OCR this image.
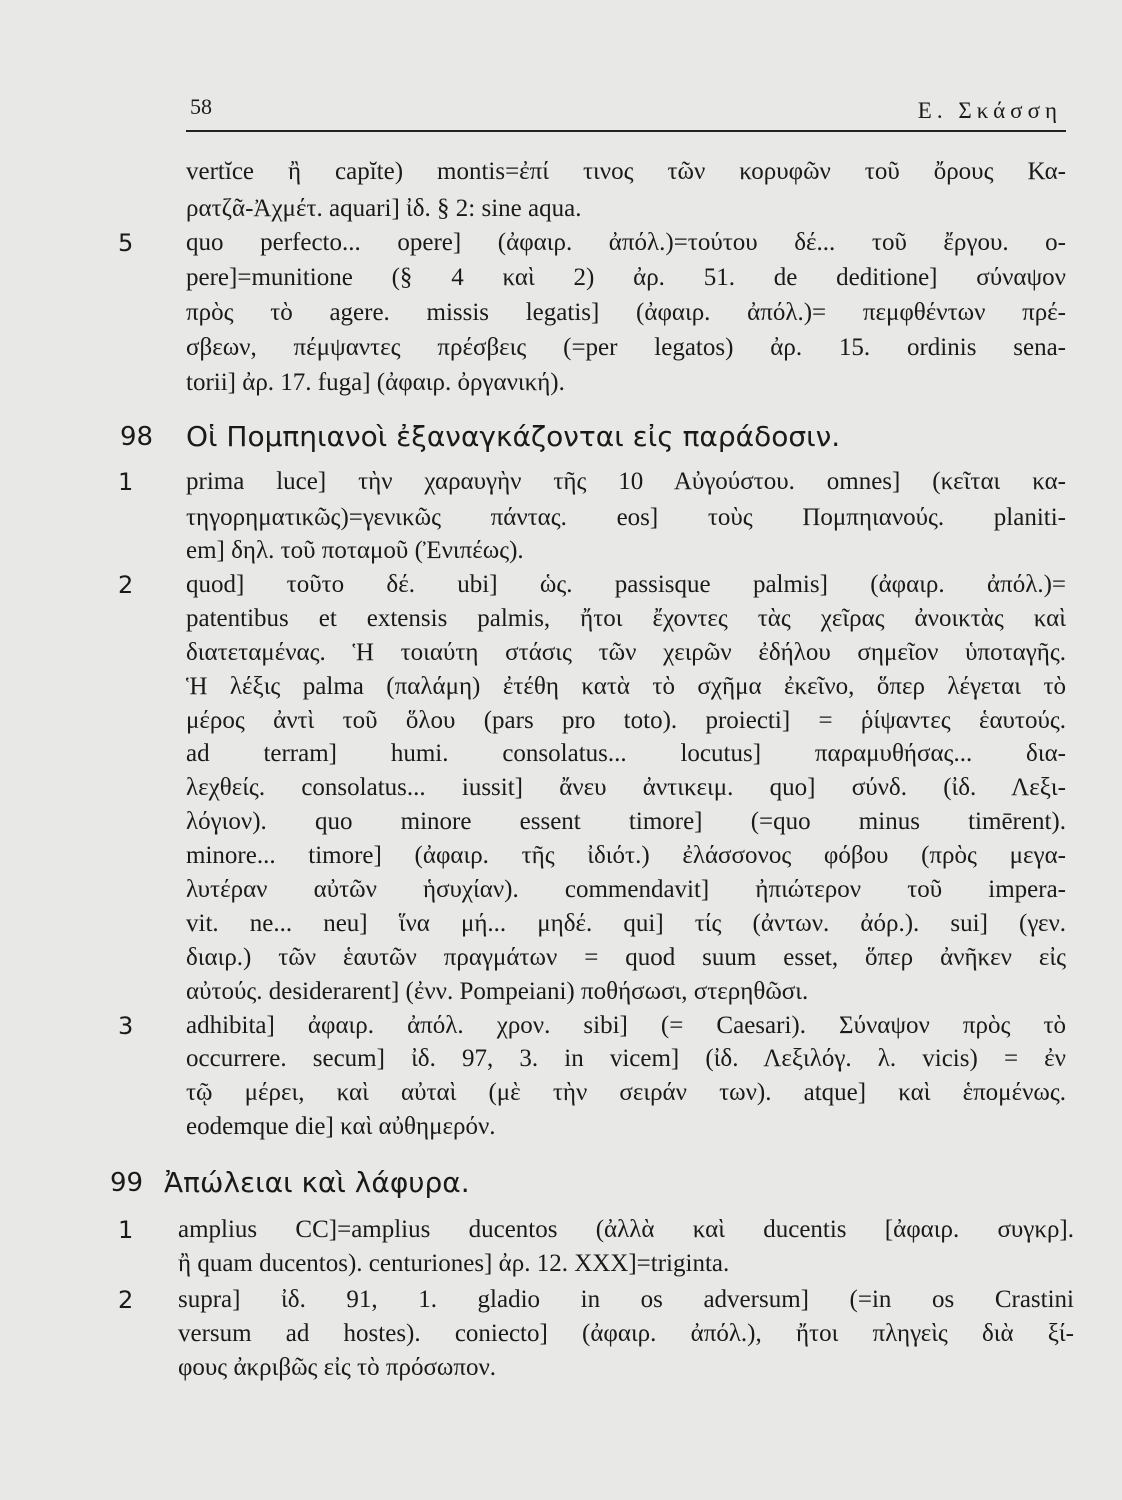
58	Ε. Σκάσση
vertĭce ἢ capĭte) montis=ἐπί τινος τῶν κορυφῶν τοῦ ὄρους Κα-
ρατζᾶ-Ἀχμέτ. aquari] ἰδ. § 2: sine aqua.
5	quo perfecto... opere] (ἀφαιρ. ἀπόλ.)=τούτου δέ... τοῦ ἔργου. o-
pere]=munitione (§ 4 καὶ 2) ἀρ. 51. de deditione] σύναψον
πρὸς τὸ agere. missis legatis] (ἀφαιρ. ἀπόλ.)= πεμφθέντων πρέ-
σβεων, πέμψαντες πρέσβεις (=per legatos) ἀρ. 15. ordinis sena-
torii] ἀρ. 17. fuga] (ἀφαιρ. ὀργανική).
98 Οἱ Πομπηιανοὶ ἐξαναγκάζονται εἰς παράδοσιν.
1	prima luce] τὴν χαραυγὴν τῆς 10 Αὐγούστου. omnes] (κεῖται κα-
τηγορηματικῶς)=γενικῶς πάντας. eos] τοὺς Πομπηιανούς. planiti-
em] δηλ. τοῦ ποταμοῦ (Ἐνιπέως).
2	quod] τοῦτο δέ. ubi] ὡς. passisque palmis] (ἀφαιρ. ἀπόλ.)=
patentibus et extensis palmis, ἤτοι ἔχοντες τὰς χεῖρας ἀνοικτὰς καὶ
διατεταμένας. Ἡ τοιαύτη στάσις τῶν χειρῶν ἐδήλου σημεῖον ὑποταγῆς.
Ἡ λέξις palma (παλάμη) ἐτέθη κατὰ τὸ σχῆμα ἐκεῖνο, ὅπερ λέγεται τὸ
μέρος ἀντὶ τοῦ ὅλου (pars pro toto). proiecti] = ῥίψαντες ἑαυτούς.
ad terram] humi. consolatus... locutus] παραμυθήσας... δια-
λεχθείς. consolatus... iussit] ἄνευ ἀντικειμ. quo] σύνδ. (ἰδ. Λεξι-
λόγιον). quo minore essent timore] (=quo minus timērent).
minore... timore] (ἀφαιρ. τῆς ἰδιότ.) ἐλάσσονος φόβου (πρὸς μεγα-
λυτέραν αὐτῶν ἡσυχίαν). commendavit] ἠπιώτερον τοῦ impera-
vit. ne... neu] ἵνα μή... μηδέ. qui] τίς (ἀντων. ἀόρ.). sui] (γεν.
διαιρ.) τῶν ἑαυτῶν πραγμάτων = quod suum esset, ὅπερ ἀνῆκεν εἰς
αὐτούς. desiderarent] (ἐνν. Pompeiani) ποθήσωσι, στερηθῶσι.
3	adhibita] ἀφαιρ. ἀπόλ. χρον. sibi] (= Caesari). Σύναψον πρὸς τὸ
occurrere. secum] ἰδ. 97, 3. in vicem] (ἰδ. Λεξιλόγ. λ. vicis) = ἐν
τῷ μέρει, καὶ αὐταὶ (μὲ τὴν σειράν των). atque] καὶ ἑπομένως.
eodemque die] καὶ αὐθημερόν.
99 Ἀπώλειαι καὶ λάφυρα.
1	amplius CC]=amplius ducentos (ἀλλὰ καὶ ducentis [ἀφαιρ. συγκρ].
ἢ quam ducentos). centuriones] ἀρ. 12. XXX]=triginta.
2	supra] ἰδ. 91, 1. gladio in os adversum] (=in os Crastini
versum ad hostes). coniecto] (ἀφαιρ. ἀπόλ.), ἤτοι πληγεὶς διὰ ξί-
φους ἀκριβῶς εἰς τὸ πρόσωπον.
